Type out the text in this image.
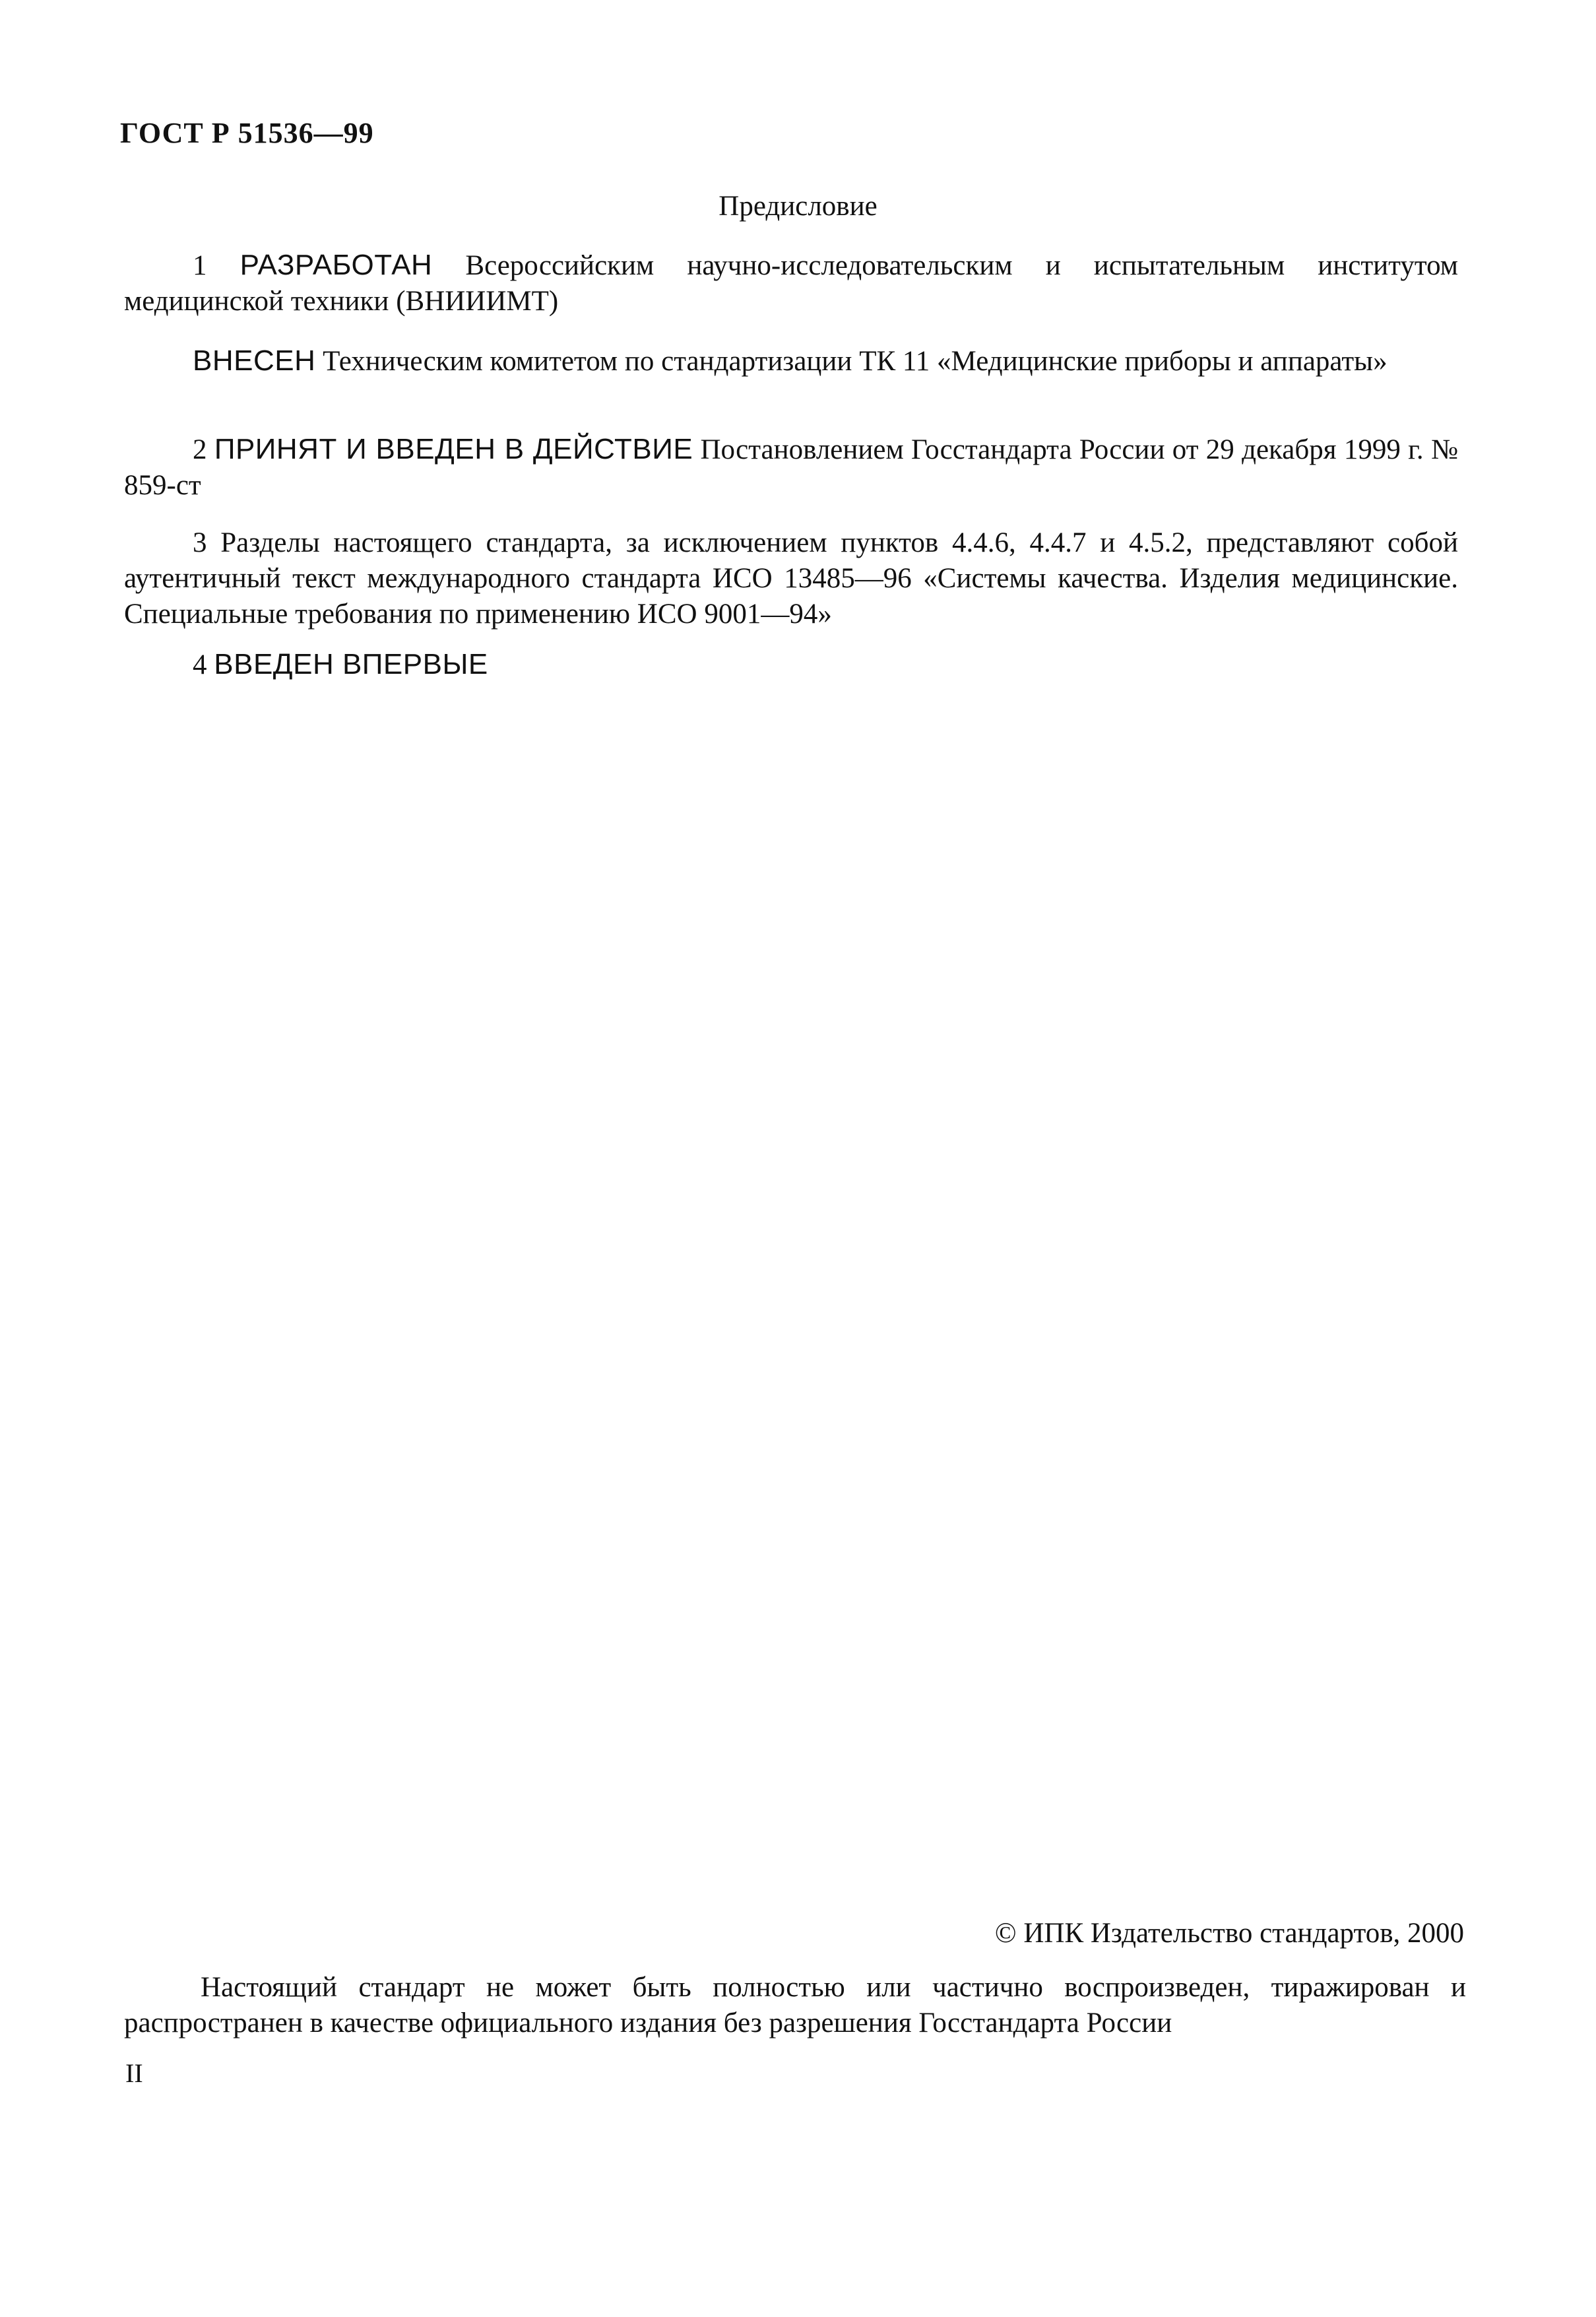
ГОСТ Р 51536—99
Предисловие

1 РАЗРАБОТАН Всероссийским научно-исследовательским и испытательным институтом медицинской техники (ВНИИИМТ)

ВНЕСЕН Техническим комитетом по стандартизации ТК 11 «Медицинские приборы и аппараты»

2 ПРИНЯТ И ВВЕДЕН В ДЕЙСТВИЕ Постановлением Госстандарта России от 29 декабря 1999 г. № 859-ст

3 Разделы настоящего стандарта, за исключением пунктов 4.4.6, 4.4.7 и 4.5.2, представляют собой аутентичный текст международного стандарта ИСО 13485—96 «Системы качества. Изделия медицинские. Специальные требования по применению ИСО 9001—94»

4 ВВЕДЕН ВПЕРВЫЕ

© ИПК Издательство стандартов, 2000

Настоящий стандарт не может быть полностью или частично воспроизведен, тиражирован и распространен в качестве официального издания без разрешения Госстандарта России

II
